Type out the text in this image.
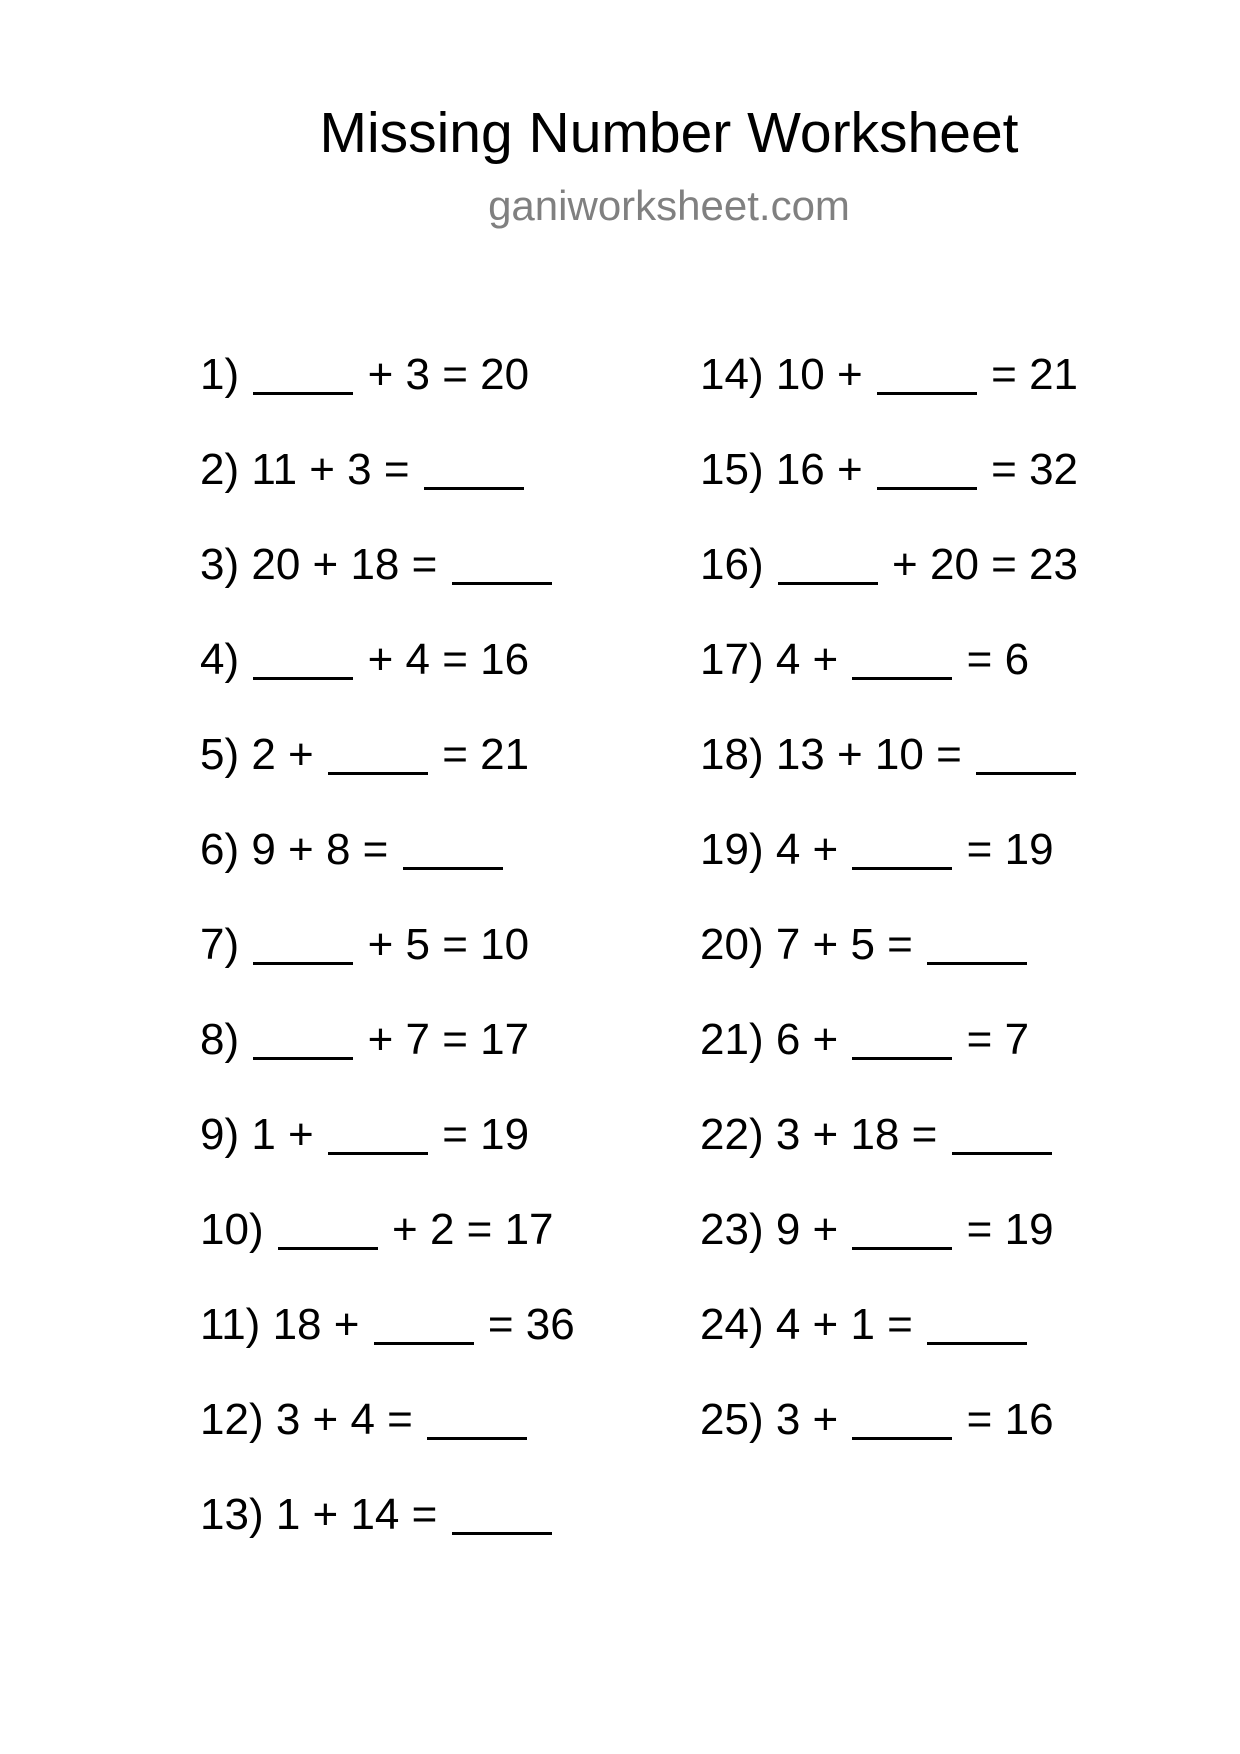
Missing Number Worksheet
ganiworksheet.com
1)	+ 3 = 20
2) 11 + 3 =
3) 20 + 18 =
4)	+ 4 = 16
5) 2 +  = 21
6) 9 + 8 =
7)	+ 5 = 10
8)	+ 7 = 17
9) 1 +  = 19
10)	+ 2 = 17
11) 18 +  = 36
12) 3 + 4 =
13) 1 + 14 =
14) 10 +  = 21
15) 16 +  = 32
16)	+ 20 = 23
17) 4 +  = 6
18) 13 + 10 =
19) 4 +  = 19
20) 7 + 5 =
21) 6 +  = 7
22) 3 + 18 =
23) 9 +  = 19
24) 4 + 1 =
25) 3 +  = 16
